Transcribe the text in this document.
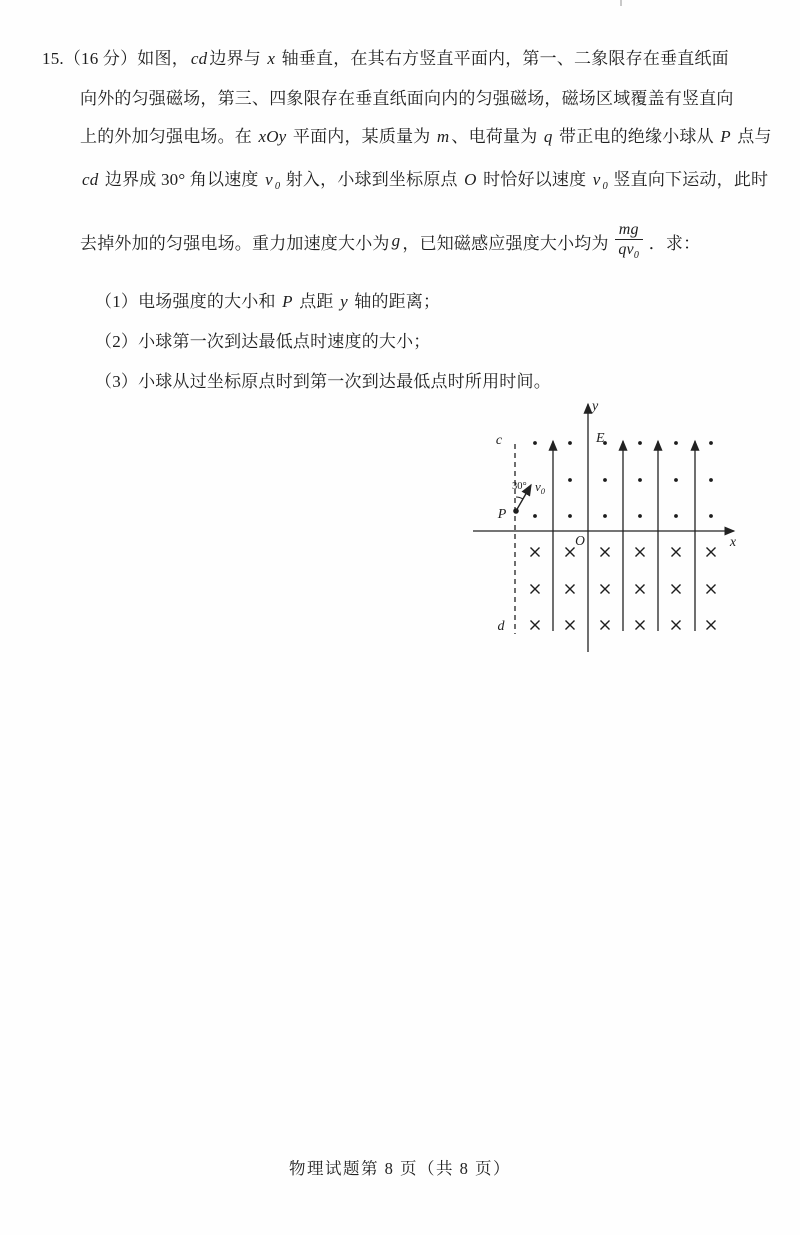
15.（16 分）如图， cd 边界与 x 轴垂直，在其右方竖直平面内，第一、二象限存在垂直纸面
向外的匀强磁场，第三、四象限存在垂直纸面向内的匀强磁场，磁场区域覆盖有竖直向
上的外加匀强电场。在 xOy 平面内，某质量为 m 、电荷量为 q 带正电的绝缘小球从 P 点与
cd 边界成 30° 角以速度 v $_0$ 射入，小球到坐标原点 O 时恰好以速度 v $_0$ 竖直向下运动，此时
去掉外加的匀强电场。重力加速度大小为 g ，已知磁感应强度大小均为 $\frac{mg}{qv_0}$ ．求：
（1）电场强度的大小和 P 点距 y 轴的距离；
（2）小球第一次到达最低点时速度的大小；
（3）小球从过坐标原点时到第一次到达最低点时所用时间。
y
x
O
c
d
P
30°
E
$v_0$
物理试题第 8 页（共 8 页）
